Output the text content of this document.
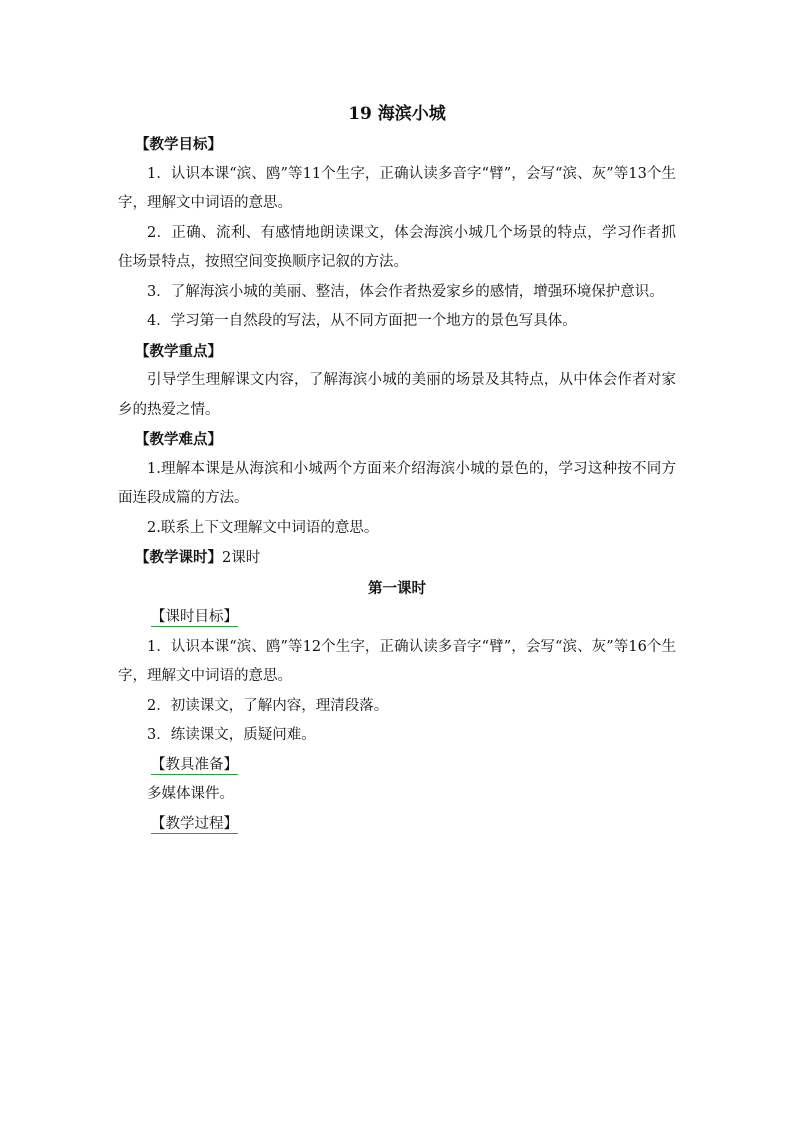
19 海滨小城
【教学目标】
1．认识本课“滨、鸥”等11个生字，正确认读多音字“臂”，会写“滨、灰”等13个生字，理解文中词语的意思。
2．正确、流利、有感情地朗读课文，体会海滨小城几个场景的特点，学习作者抓住场景特点，按照空间变换顺序记叙的方法。
3．了解海滨小城的美丽、整洁，体会作者热爱家乡的感情，增强环境保护意识。
4．学习第一自然段的写法，从不同方面把一个地方的景色写具体。
【教学重点】
引导学生理解课文内容，了解海滨小城的美丽的场景及其特点，从中体会作者对家乡的热爱之情。
【教学难点】
1.理解本课是从海滨和小城两个方面来介绍海滨小城的景色的，学习这种按不同方面连段成篇的方法。
2.联系上下文理解文中词语的意思。
【教学课时】2课时
第一课时
【课时目标】
1．认识本课“滨、鸥”等12个生字，正确认读多音字“臂”，会写“滨、灰”等16个生字，理解文中词语的意思。
2．初读课文，了解内容，理清段落。
3．练读课文，质疑问难。
【教具准备】
多媒体课件。
【教学过程】
